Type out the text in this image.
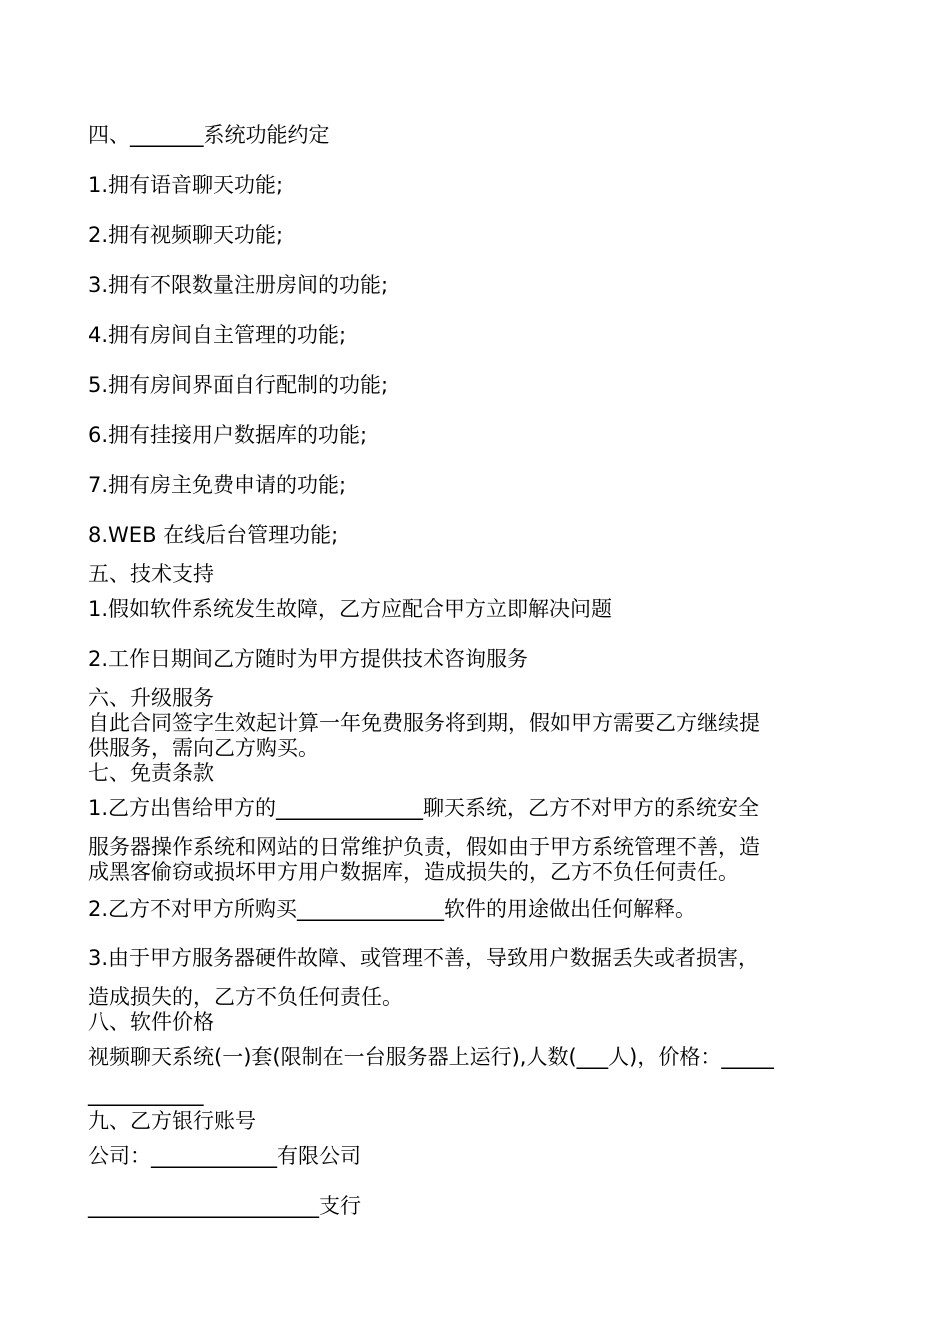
四、_______系统功能约定

1.拥有语音聊天功能;

2.拥有视频聊天功能;

3.拥有不限数量注册房间的功能;

4.拥有房间自主管理的功能;

5.拥有房间界面自行配制的功能;

6.拥有挂接用户数据库的功能;

7.拥有房主免费申请的功能;

8.WEB 在线后台管理功能;

五、技术支持

1.假如软件系统发生故障，乙方应配合甲方立即解决问题

2.工作日期间乙方随时为甲方提供技术咨询服务

六、升级服务

自此合同签字生效起计算一年免费服务将到期，假如甲方需要乙方继续提

供服务，需向乙方购买。

七、免责条款

1.乙方出售给甲方的______________聊天系统，乙方不对甲方的系统安全

服务器操作系统和网站的日常维护负责，假如由于甲方系统管理不善，造

成黑客偷窃或损坏甲方用户数据库，造成损失的，乙方不负任何责任。

2.乙方不对甲方所购买______________软件的用途做出任何解释。

3.由于甲方服务器硬件故障、或管理不善，导致用户数据丢失或者损害，

造成损失的，乙方不负任何责任。

八、软件价格

视频聊天系统(一)套(限制在一台服务器上运行),人数(___人)，价格：_____

___________

九、乙方银行账号

公司：____________有限公司

______________________支行
